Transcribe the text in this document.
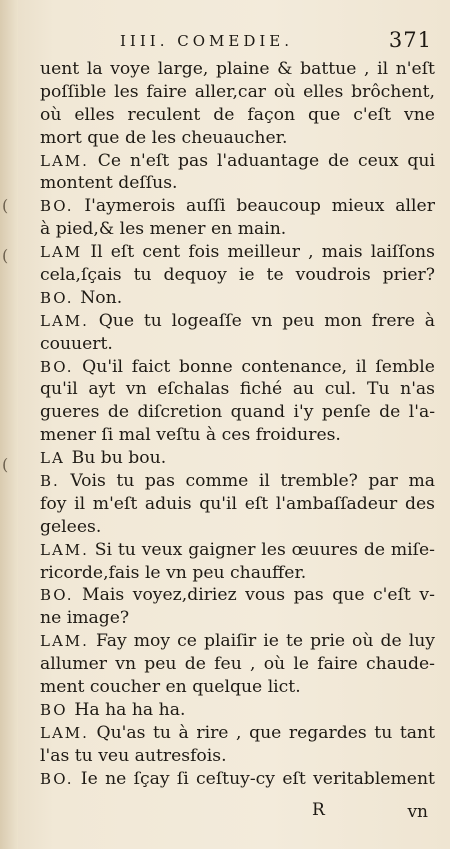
(
(
(
IIII. COMEDIE.	371
uent la voye large, plaine & battue , il n'eſt
poſſible les faire aller,car où elles brôchent,
où elles reculent de façon que c'eſt vne
mort que de les cheuaucher.
LAM. Ce n'eſt pas l'aduantage de ceux qui
montent deſſus.
BO. I'aymerois auſſi beaucoup mieux aller
à pied,& les mener en main.
LAM Il eſt cent fois meilleur , mais laiſſons
cela,ſçais tu dequoy ie te voudrois prier?
BO. Non.
LAM. Que tu logeaſſe vn peu mon frere à
couuert.
BO. Qu'il faict bonne contenance, il ſemble
qu'il ayt vn eſchalas fiché au cul. Tu n'as
gueres de diſcretion quand i'y penſe de l'a-
mener ſi mal veſtu à ces froidures.
LA Bu bu bou.
B. Vois tu pas comme il tremble? par ma
foy il m'eſt aduis qu'il eſt l'ambaſſadeur des
gelees.
LAM. Si tu veux gaigner les œuures de miſe-
ricorde,fais le vn peu chauffer.
BO. Mais voyez,diriez vous pas que c'eſt v-
ne image?
LAM. Fay moy ce plaiſir ie te prie où de luy
allumer vn peu de feu , où le faire chaude-
ment coucher en quelque lict.
BO Ha ha ha ha.
LAM. Qu'as tu à rire , que regardes tu tant
l'as tu veu autresfois.
BO. Ie ne ſçay ſi ceſtuy-cy eſt veritablement
R	vn
